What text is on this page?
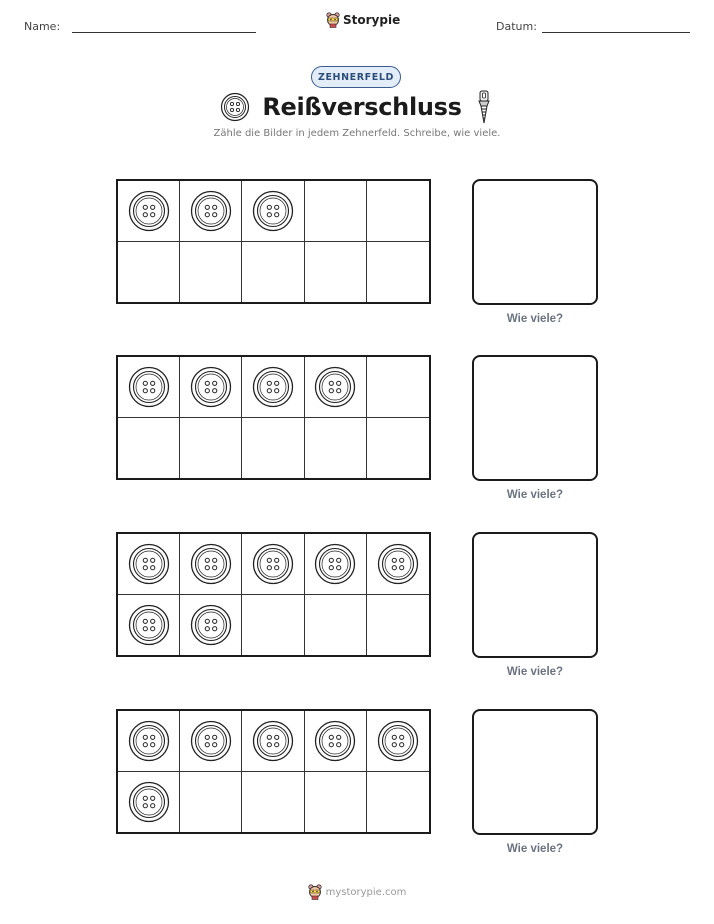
Name:	Storypie	Datum:
ZEHNERFELD
Reißverschluss
Zähle die Bilder in jedem Zehnerfeld. Schreibe, wie viele.
Wie viele?
Wie viele?
Wie viele?
Wie viele?
mystorypie.com
